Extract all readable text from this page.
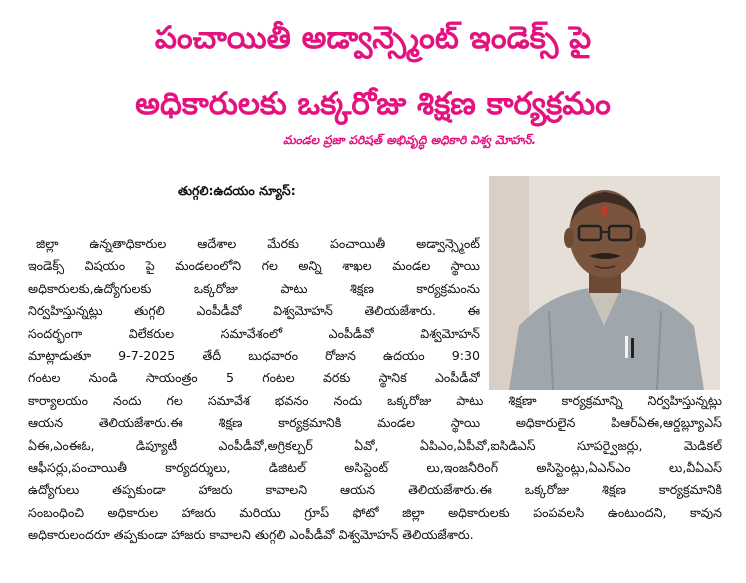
పంచాయితీ అడ్వాన్స్మెంట్ ఇండెక్స్ పై
అధికారులకు ఒక్కరోజు శిక్షణ కార్యక్రమం
మండల ప్రజా పరిషత్ అభివృద్ధి అధికారి విశ్వ మోహన్.
తుగ్గలి:ఉదయం న్యూస్:
జిల్లా ఉన్నతాధికారుల ఆదేశాల మేరకు పంచాయితీ అడ్వాన్స్మెంట్
ఇండెక్స్ విషయం పై మండలంలోని గల అన్ని శాఖల మండల స్థాయి
అధికారులకు,ఉద్యోగులకు ఒక్కరోజు పాటు శిక్షణ కార్యక్రమంను
నిర్వహిస్తున్నట్లు తుగ్గలి ఎంపీడీవో విశ్వమోహన్ తెలియజేశారు. ఈ
సందర్భంగా విలేకరుల సమావేశంలో ఎంపీడీవో విశ్వమోహన్
మాట్లాడుతూ 9-7-2025 తేదీ బుధవారం రోజున ఉదయం 9:30
గంటల నుండి సాయంత్రం 5 గంటల వరకు స్థానిక ఎంపీడీవో
కార్యాలయం నందు గల సమావేశ భవనం నందు ఒక్కరోజు పాటు శిక్షణా కార్యక్రమాన్ని నిర్వహిస్తున్నట్లు
ఆయన తెలియజేశారు.ఈ శిక్షణ కార్యక్రమానికి మండల స్థాయి అధికారులైన పిఆర్ఏఈ,ఆర్డబ్ల్యూఎస్
ఏఈ,ఎంఈఓ, డిప్యూటీ ఎంపీడీవో,అగ్రికల్చర్ ఏవో, ఏపిఎం,ఏపీవో,ఐసిడిఎస్ సూపర్వైజర్లు, మెడికల్
ఆఫీసర్లు,పంచాయితీ కార్యదర్శులు, డిజిటల్ అసిస్టెంట్ లు,ఇంజనీరింగ్ అసిస్టెంట్లు,ఏఎన్ఎం లు,వీఏఎస్
ఉద్యోగులు తప్పకుండా హాజరు కావాలని ఆయన తెలియజేశారు.ఈ ఒక్కరోజు శిక్షణ కార్యక్రమానికి
సంబంధించి అధికారుల హాజరు మరియు గ్రూప్ ఫోటో జిల్లా అధికారులకు పంపవలసి ఉంటుందని, కావున
అధికారులందరూ తప్పకుండా హాజరు కావాలని తుగ్గలి ఎంపీడీవో విశ్వమోహన్ తెలియజేశారు.
